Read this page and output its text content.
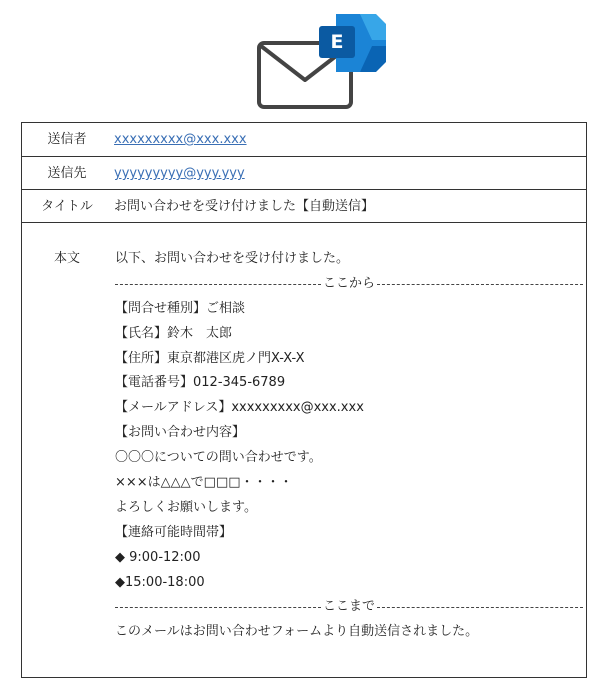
E
送信者	xxxxxxxxx@xxx.xxx
送信先	yyyyyyyyy@yyy.yyy
タイトル	お問い合わせを受け付けました【自動送信】
本文	以下、お問い合わせを受け付けました。
ここから
【問合せ種別】ご相談
【氏名】鈴木　太郎
【住所】東京都港区虎ノ門X-X-X
【電話番号】012-345-6789
【メールアドレス】xxxxxxxxx@xxx.xxx
【お問い合わせ内容】
〇〇〇についての問い合わせです。
×××は△△△で□□□・・・・
よろしくお願いします。
【連絡可能時間帯】
◆ 9:00-12:00
◆15:00-18:00
ここまで
このメールはお問い合わせフォームより自動送信されました。
